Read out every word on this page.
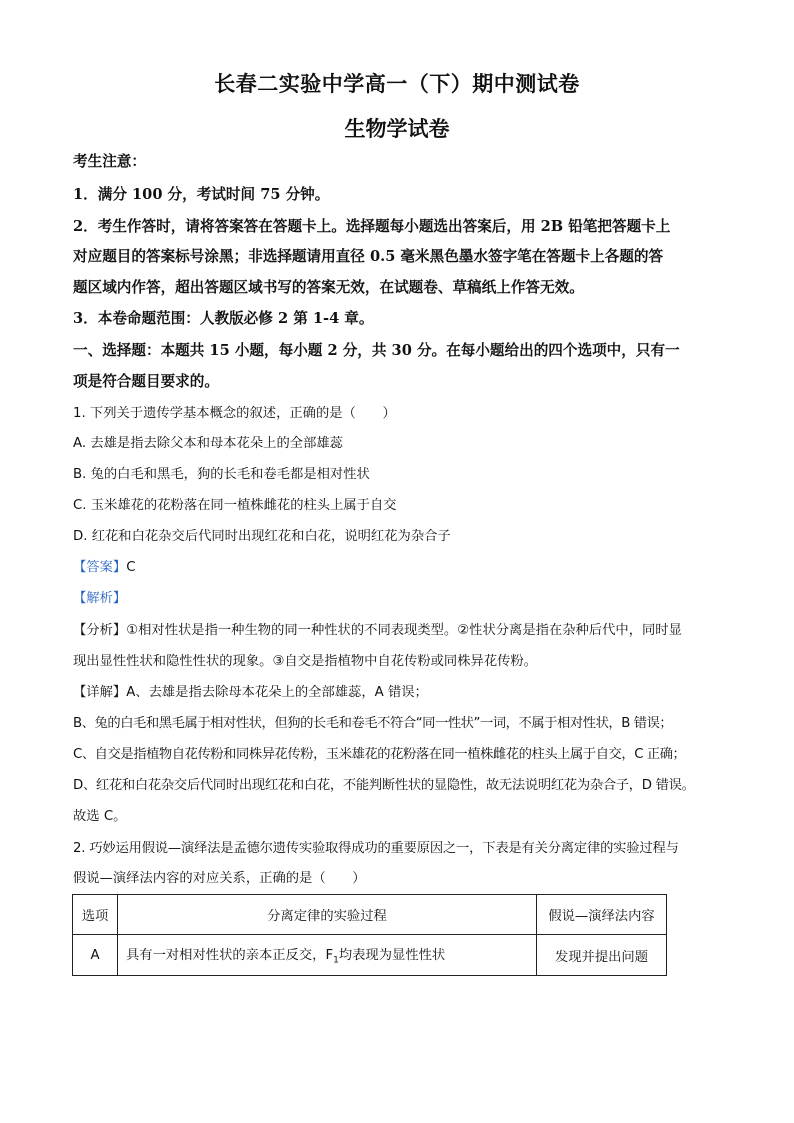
长春二实验中学高一（下）期中测试卷
生物学试卷
考生注意：
1．满分 100 分，考试时间 75 分钟。
2．考生作答时，请将答案答在答题卡上。选择题每小题选出答案后，用 2B 铅笔把答题卡上
对应题目的答案标号涂黑；非选择题请用直径 0.5 毫米黑色墨水签字笔在答题卡上各题的答
题区域内作答，超出答题区域书写的答案无效，在试题卷、草稿纸上作答无效。
3．本卷命题范围：人教版必修 2 第 1-4 章。
一、选择题：本题共 15 小题，每小题 2 分，共 30 分。在每小题给出的四个选项中，只有一
项是符合题目要求的。
1. 下列关于遗传学基本概念的叙述，正确的是（　　）
A. 去雄是指去除父本和母本花朵上的全部雄蕊
B. 兔的白毛和黑毛，狗的长毛和卷毛都是相对性状
C. 玉米雄花的花粉落在同一植株雌花的柱头上属于自交
D. 红花和白花杂交后代同时出现红花和白花，说明红花为杂合子
【答案】C
【解析】
【分析】①相对性状是指一种生物的同一种性状的不同表现类型。②性状分离是指在杂种后代中，同时显
现出显性性状和隐性性状的现象。③自交是指植物中自花传粉或同株异花传粉。
【详解】A、去雄是指去除母本花朵上的全部雄蕊，A 错误；
B、兔的白毛和黑毛属于相对性状，但狗的长毛和卷毛不符合“同一性状”一词，不属于相对性状，B 错误；
C、自交是指植物自花传粉和同株异花传粉，玉米雄花的花粉落在同一植株雌花的柱头上属于自交，C 正确；
D、红花和白花杂交后代同时出现红花和白花，不能判断性状的显隐性，故无法说明红花为杂合子，D 错误。
故选 C。
2. 巧妙运用假说—演绎法是孟德尔遗传实验取得成功的重要原因之一，下表是有关分离定律的实验过程与
假说—演绎法内容的对应关系，正确的是（　　）
选项	分离定律的实验过程	假说—演绎法内容
A	具有一对相对性状的亲本正反交，$F_1$均表现为显性性状	发现并提出问题
